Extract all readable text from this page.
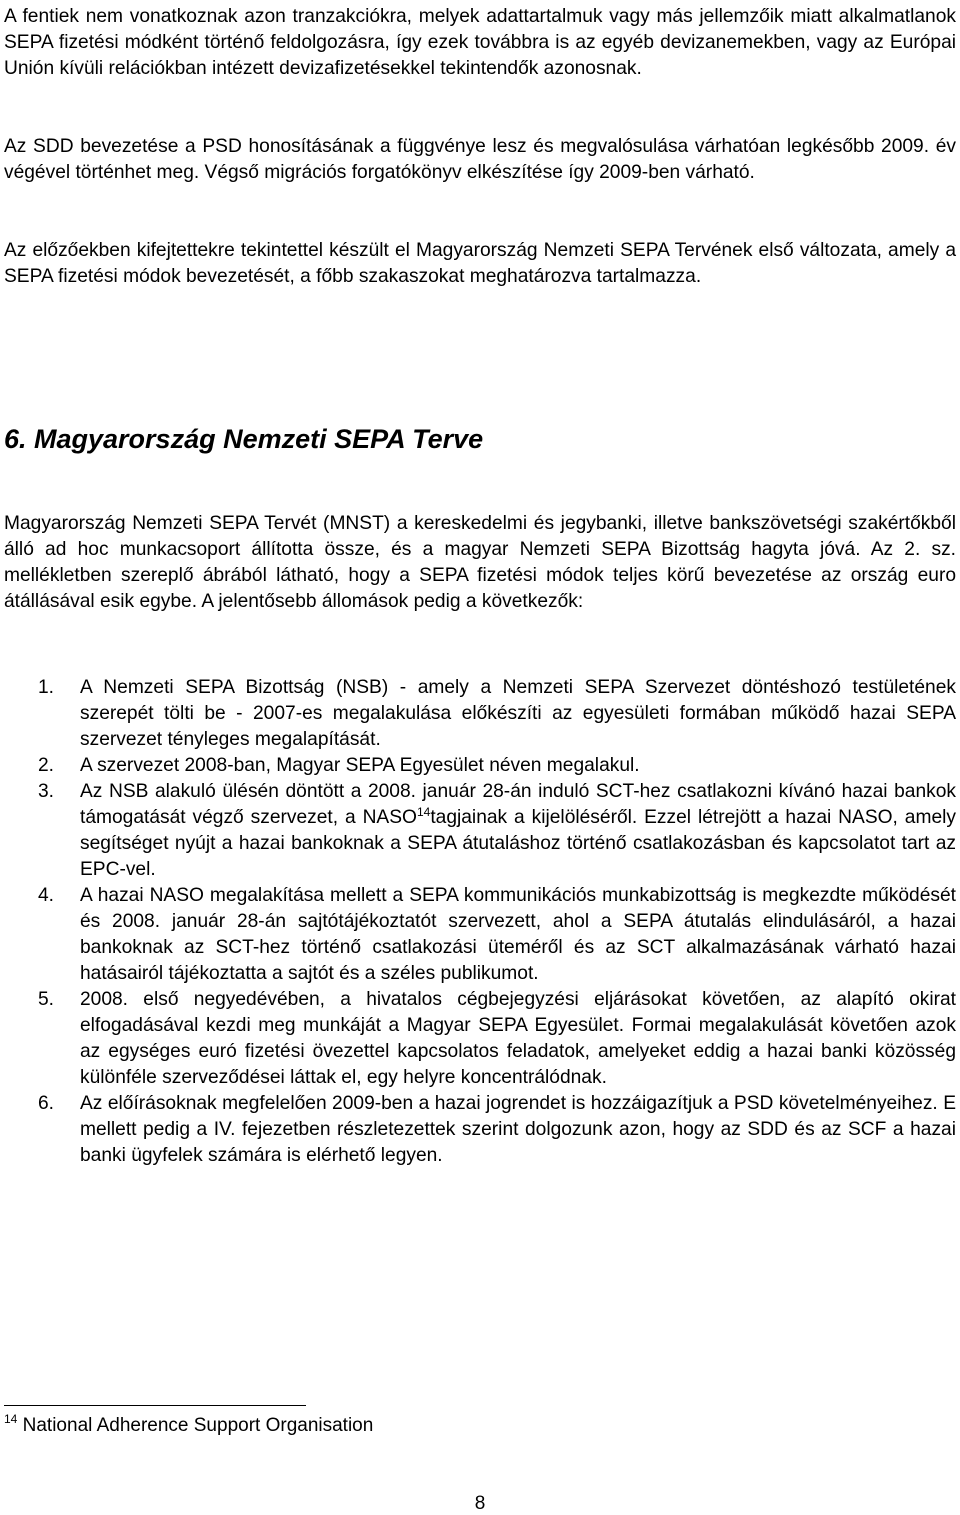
A fentiek nem vonatkoznak azon tranzakciókra, melyek adattartalmuk vagy más jellemzőik miatt alkalmatlanok SEPA fizetési módként történő feldolgozásra, így ezek továbbra is az egyéb devizanemekben, vagy az Európai Unión kívüli relációkban intézett devizafizetésekkel tekintendők azonosnak.

Az SDD bevezetése a PSD honosításának a függvénye lesz és megvalósulása várhatóan legkésőbb 2009. év végével történhet meg. Végső migrációs forgatókönyv elkészítése így 2009-ben várható.

Az előzőekben kifejtettekre tekintettel készült el Magyarország Nemzeti SEPA Tervének első változata, amely a SEPA fizetési módok bevezetését, a főbb szakaszokat meghatározva tartalmazza.

6. Magyarország Nemzeti SEPA Terve

Magyarország Nemzeti SEPA Tervét (MNST) a kereskedelmi és jegybanki, illetve bankszövetségi szakértőkből álló ad hoc munkacsoport állította össze, és a magyar Nemzeti SEPA Bizottság hagyta jóvá. Az 2. sz. mellékletben szereplő ábrából látható, hogy a SEPA fizetési módok teljes körű bevezetése az ország euro átállásával esik egybe. A jelentősebb állomások pedig a következők:

1. A Nemzeti SEPA Bizottság (NSB) - amely a Nemzeti SEPA Szervezet döntéshozó testületének szerepét tölti be - 2007-es megalakulása előkészíti az egyesületi formában működő hazai SEPA szervezet tényleges megalapítását.
2. A szervezet 2008-ban, Magyar SEPA Egyesület néven megalakul.
3. Az NSB alakuló ülésén döntött a 2008. január 28-án induló SCT-hez csatlakozni kívánó hazai bankok támogatását végző szervezet, a NASO$^{14}$tagjainak a kijelöléséről. Ezzel létrejött a hazai NASO, amely segítséget nyújt a hazai bankoknak a SEPA átutaláshoz történő csatlakozásban és kapcsolatot tart az EPC-vel.
4. A hazai NASO megalakítása mellett a SEPA kommunikációs munkabizottság is megkezdte működését és 2008. január 28-án sajtótájékoztatót szervezett, ahol a SEPA átutalás elindulásáról, a hazai bankoknak az SCT-hez történő csatlakozási üteméről és az SCT alkalmazásának várható hazai hatásairól tájékoztatta a sajtót és a széles publikumot.
5. 2008. első negyedévében, a hivatalos cégbejegyzési eljárásokat követően, az alapító okirat elfogadásával kezdi meg munkáját a Magyar SEPA Egyesület. Formai megalakulását követően azok az egységes euró fizetési övezettel kapcsolatos feladatok, amelyeket eddig a hazai banki közösség különféle szerveződései láttak el, egy helyre koncentrálódnak.
6. Az előírásoknak megfelelően 2009-ben a hazai jogrendet is hozzáigazítjuk a PSD követelményeihez. E mellett pedig a IV. fejezetben részletezettek szerint dolgozunk azon, hogy az SDD és az SCF a hazai banki ügyfelek számára is elérhető legyen.
$^{14}$ National Adherence Support Organisation
8
